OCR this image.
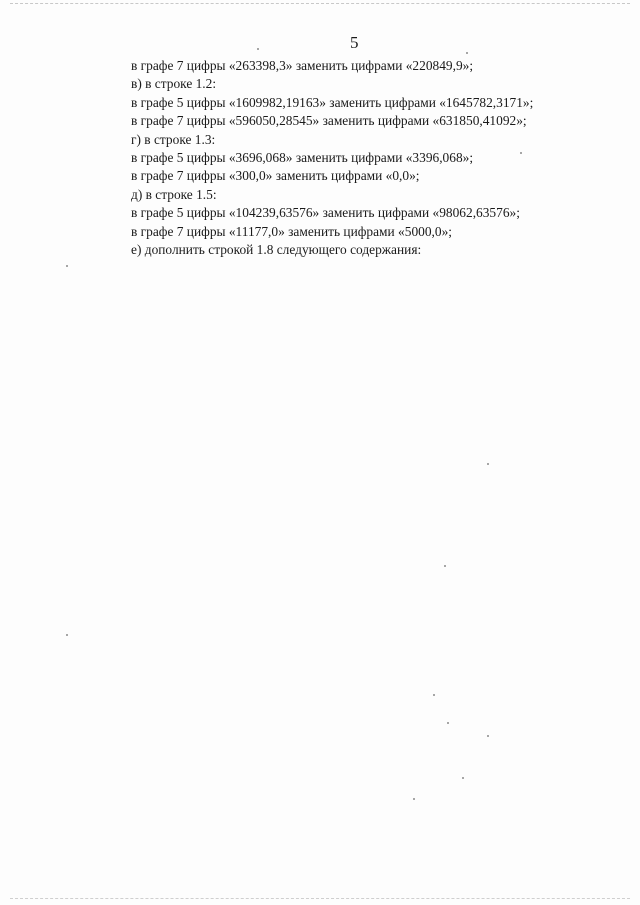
5
в графе 7 цифры «263398,3» заменить цифрами «220849,9»;
в) в строке 1.2:
в графе 5 цифры «1609982,19163» заменить цифрами «1645782,3171»;
в графе 7 цифры «596050,28545» заменить цифрами «631850,41092»;
г) в строке 1.3:
в графе 5 цифры «3696,068» заменить цифрами «3396,068»;
в графе 7 цифры «300,0» заменить цифрами «0,0»;
д) в строке 1.5:
в графе 5 цифры «104239,63576» заменить цифрами «98062,63576»;
в графе 7 цифры «11177,0» заменить цифрами «5000,0»;
е) дополнить строкой 1.8 следующего содержания:
